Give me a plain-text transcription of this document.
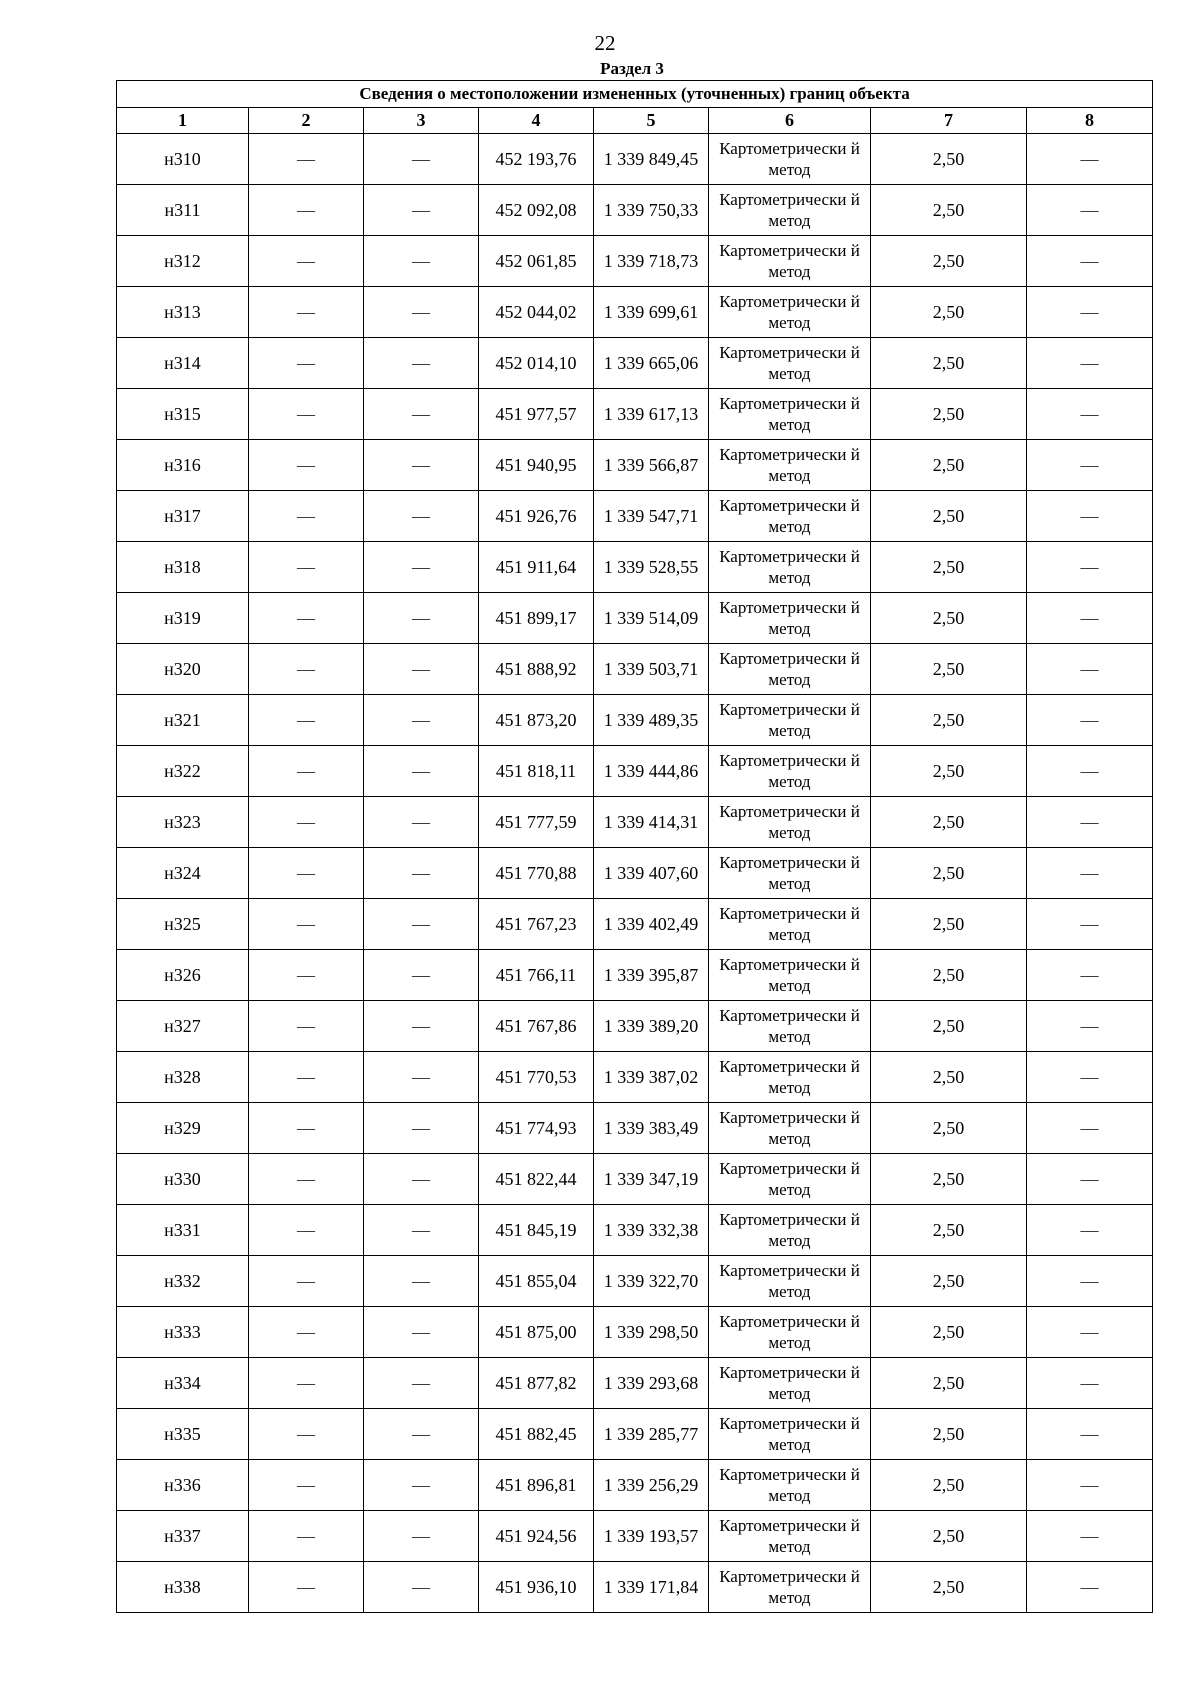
22
Раздел 3
Сведения о местоположении измененных (уточненных) границ объекта							
1	2	3	4	5	6	7	8
н310	—	—	452 193,76	1 339 849,45	Картометрически й метод	2,50	—
н311	—	—	452 092,08	1 339 750,33	Картометрически й метод	2,50	—
н312	—	—	452 061,85	1 339 718,73	Картометрически й метод	2,50	—
н313	—	—	452 044,02	1 339 699,61	Картометрически й метод	2,50	—
н314	—	—	452 014,10	1 339 665,06	Картометрически й метод	2,50	—
н315	—	—	451 977,57	1 339 617,13	Картометрически й метод	2,50	—
н316	—	—	451 940,95	1 339 566,87	Картометрически й метод	2,50	—
н317	—	—	451 926,76	1 339 547,71	Картометрически й метод	2,50	—
н318	—	—	451 911,64	1 339 528,55	Картометрически й метод	2,50	—
н319	—	—	451 899,17	1 339 514,09	Картометрически й метод	2,50	—
н320	—	—	451 888,92	1 339 503,71	Картометрически й метод	2,50	—
н321	—	—	451 873,20	1 339 489,35	Картометрически й метод	2,50	—
н322	—	—	451 818,11	1 339 444,86	Картометрически й метод	2,50	—
н323	—	—	451 777,59	1 339 414,31	Картометрически й метод	2,50	—
н324	—	—	451 770,88	1 339 407,60	Картометрически й метод	2,50	—
н325	—	—	451 767,23	1 339 402,49	Картометрически й метод	2,50	—
н326	—	—	451 766,11	1 339 395,87	Картометрически й метод	2,50	—
н327	—	—	451 767,86	1 339 389,20	Картометрически й метод	2,50	—
н328	—	—	451 770,53	1 339 387,02	Картометрически й метод	2,50	—
н329	—	—	451 774,93	1 339 383,49	Картометрически й метод	2,50	—
н330	—	—	451 822,44	1 339 347,19	Картометрически й метод	2,50	—
н331	—	—	451 845,19	1 339 332,38	Картометрически й метод	2,50	—
н332	—	—	451 855,04	1 339 322,70	Картометрически й метод	2,50	—
н333	—	—	451 875,00	1 339 298,50	Картометрически й метод	2,50	—
н334	—	—	451 877,82	1 339 293,68	Картометрически й метод	2,50	—
н335	—	—	451 882,45	1 339 285,77	Картометрически й метод	2,50	—
н336	—	—	451 896,81	1 339 256,29	Картометрически й метод	2,50	—
н337	—	—	451 924,56	1 339 193,57	Картометрически й метод	2,50	—
н338	—	—	451 936,10	1 339 171,84	Картометрически й метод	2,50	—
